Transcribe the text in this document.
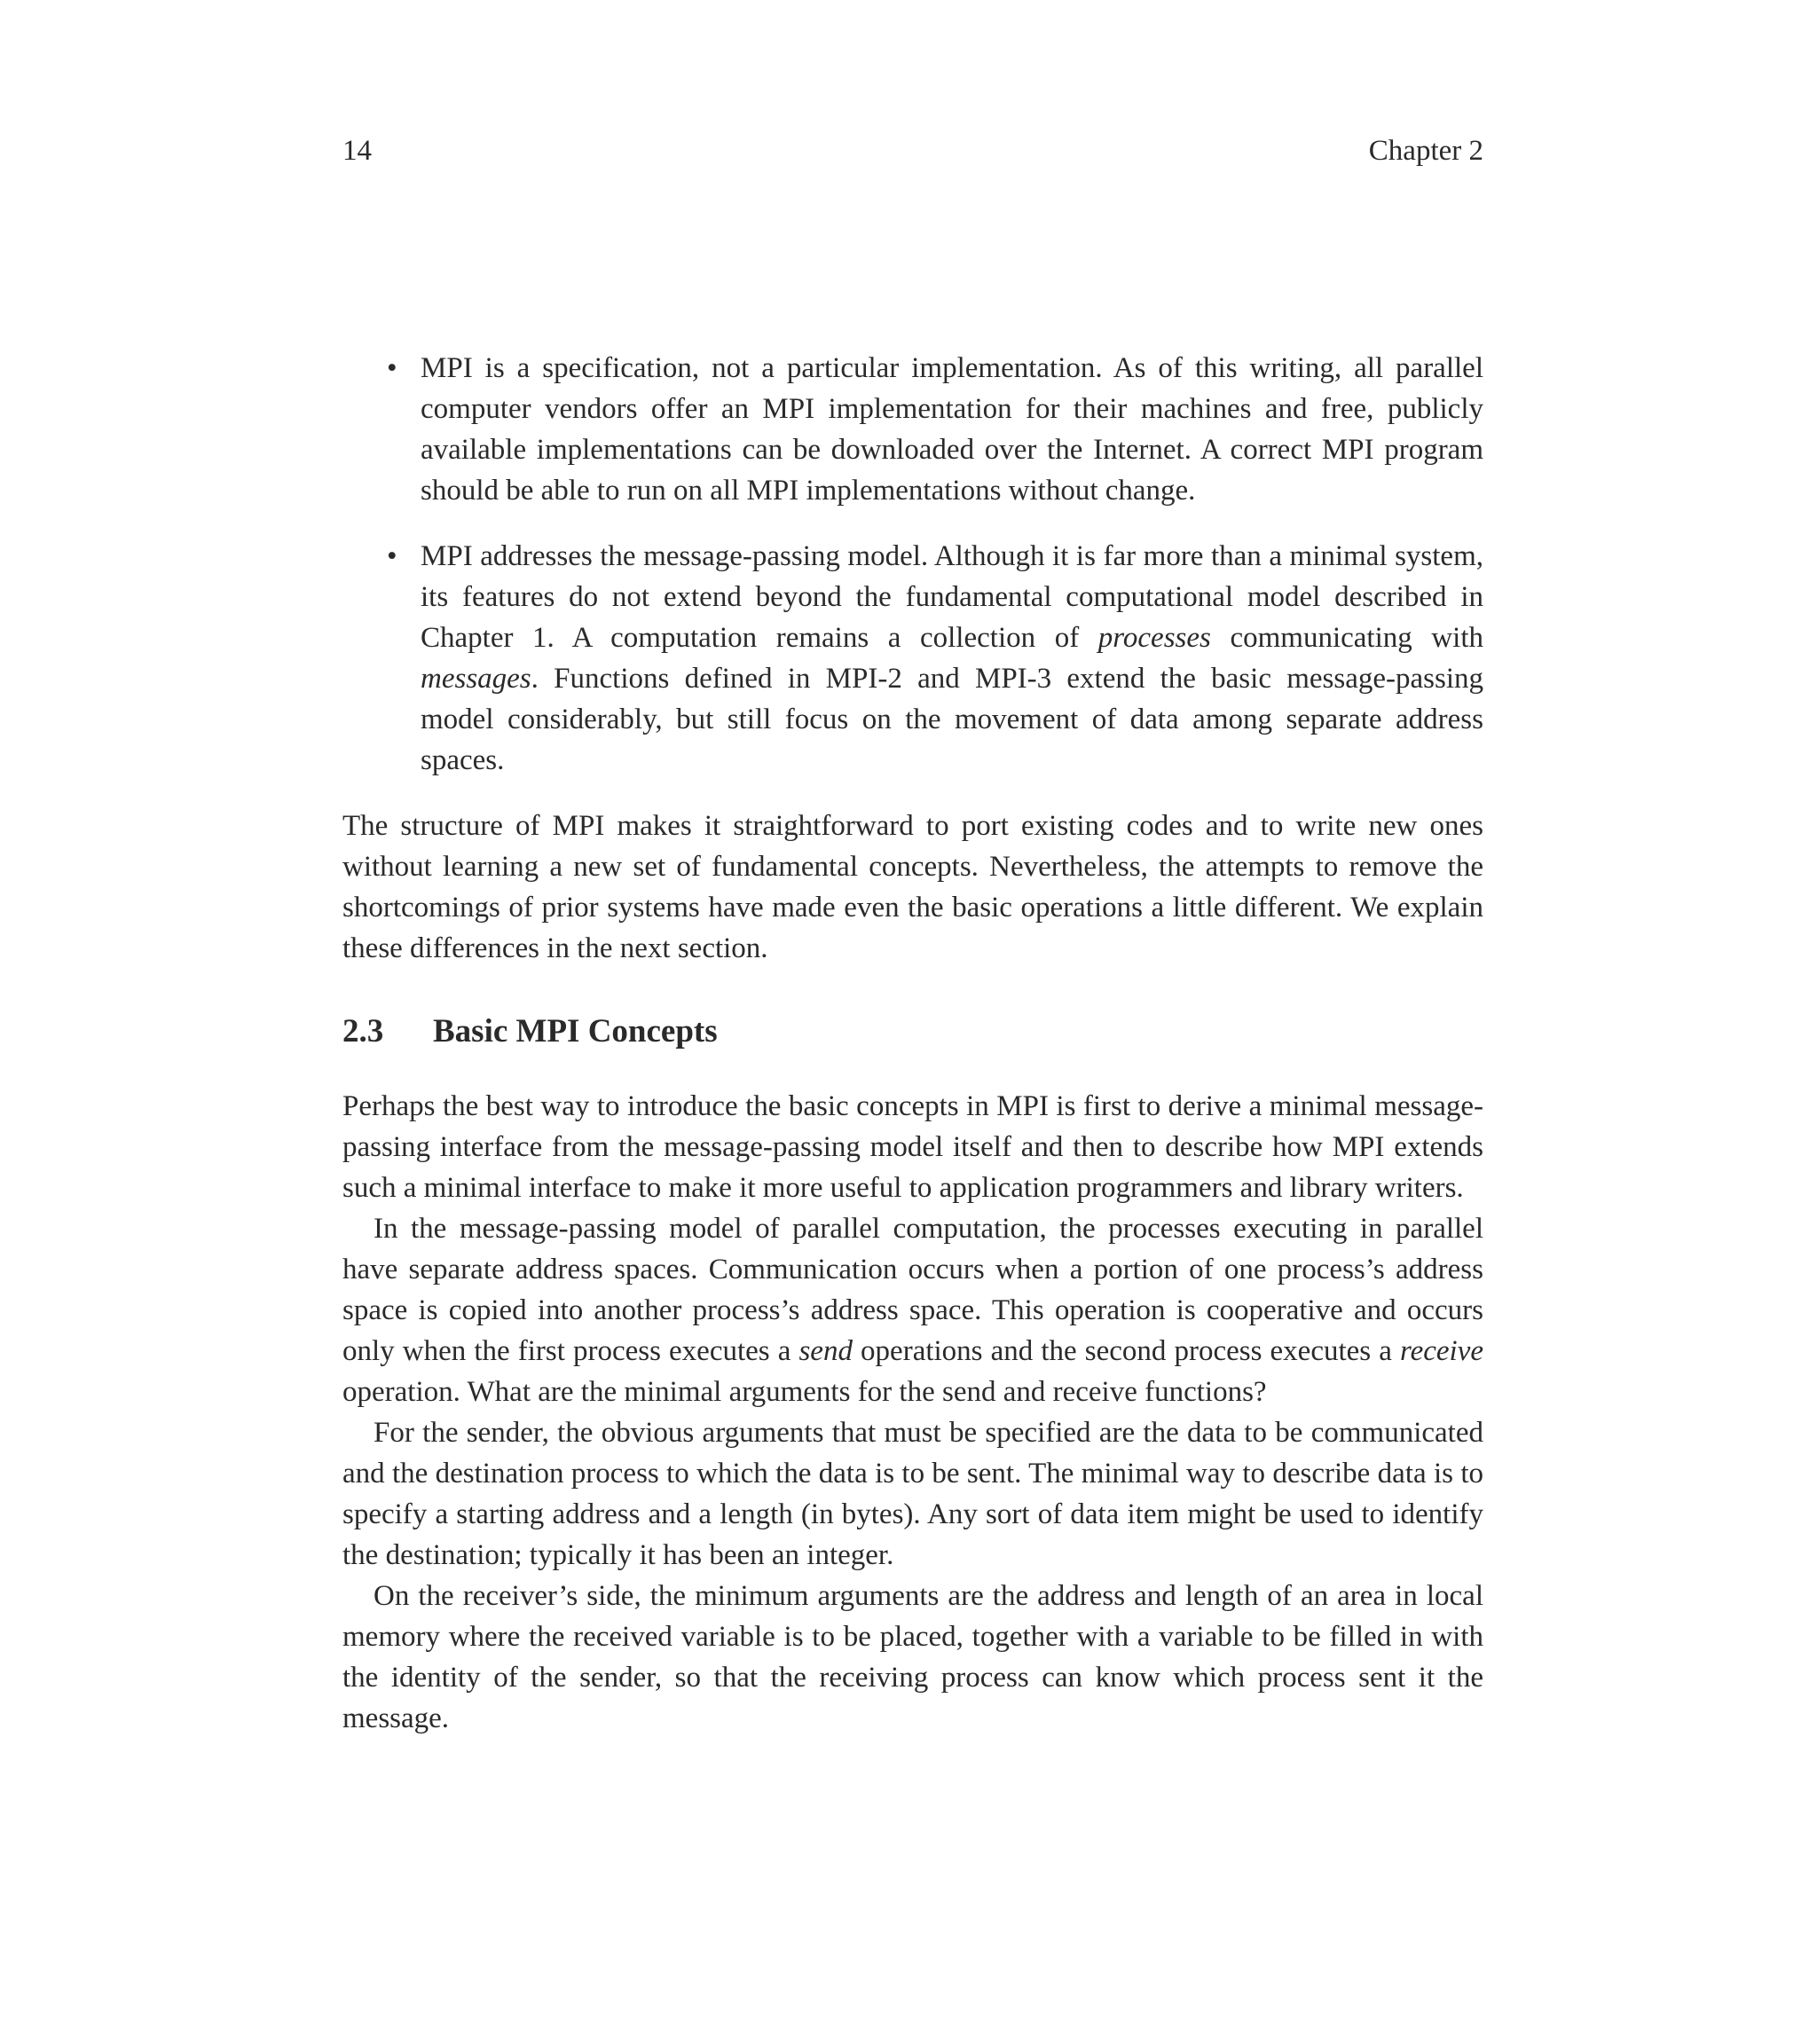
14	Chapter 2
• MPI is a specification, not a particular implementation. As of this writing, all parallel computer vendors offer an MPI implementation for their machines and free, publicly available implementations can be downloaded over the Internet. A correct MPI program should be able to run on all MPI implementations without change.
• MPI addresses the message-passing model. Although it is far more than a minimal system, its features do not extend beyond the fundamental computational model described in Chapter 1. A computation remains a collection of processes communicating with messages. Functions defined in MPI-2 and MPI-3 extend the basic message-passing model considerably, but still focus on the movement of data among separate address spaces.

The structure of MPI makes it straightforward to port existing codes and to write new ones without learning a new set of fundamental concepts. Nevertheless, the attempts to remove the shortcomings of prior systems have made even the basic operations a little different. We explain these differences in the next section.

2.3 Basic MPI Concepts

Perhaps the best way to introduce the basic concepts in MPI is first to derive a minimal message-passing interface from the message-passing model itself and then to describe how MPI extends such a minimal interface to make it more useful to application programmers and library writers.

In the message-passing model of parallel computation, the processes executing in parallel have separate address spaces. Communication occurs when a portion of one process’s address space is copied into another process’s address space. This operation is cooperative and occurs only when the first process executes a send operations and the second process executes a receive operation. What are the minimal arguments for the send and receive functions?

For the sender, the obvious arguments that must be specified are the data to be communicated and the destination process to which the data is to be sent. The minimal way to describe data is to specify a starting address and a length (in bytes). Any sort of data item might be used to identify the destination; typically it has been an integer.

On the receiver’s side, the minimum arguments are the address and length of an area in local memory where the received variable is to be placed, together with a variable to be filled in with the identity of the sender, so that the receiving process can know which process sent it the message.
